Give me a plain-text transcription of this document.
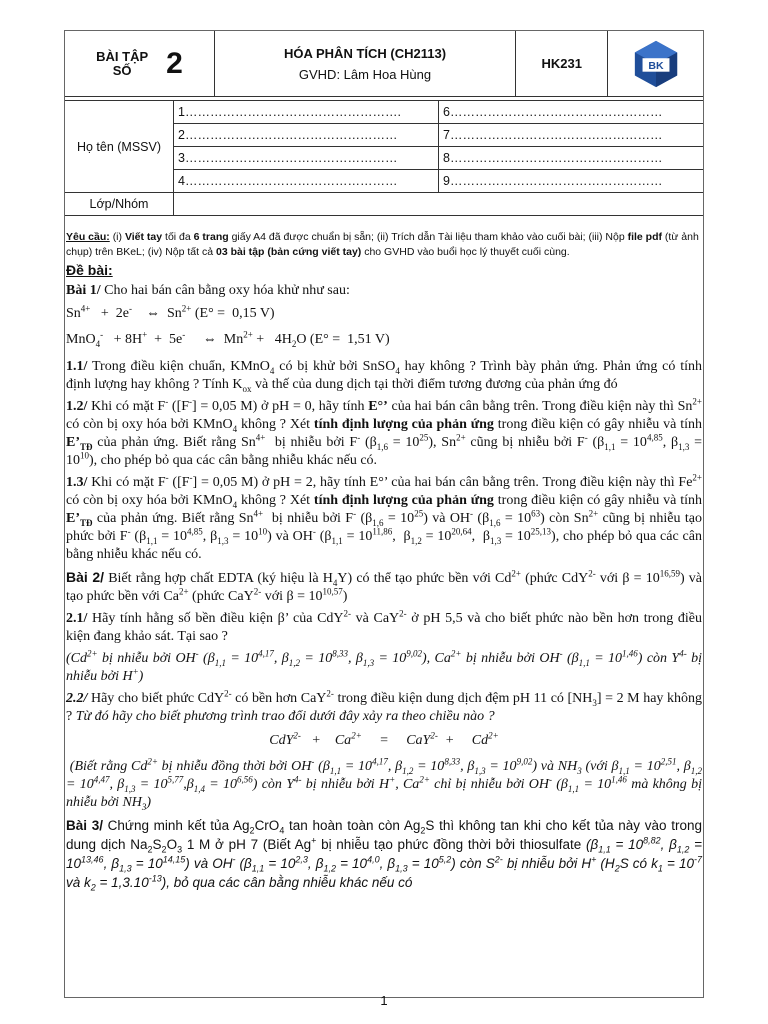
BÀI TẬP
SỐ	2	HÓA PHÂN TÍCH (CH2113)
GVHD: Lâm Hoa Hùng	HK231	BK
Họ tên (MSSV)	1…………………………………………….	6……………………………………………
	2……………………………………………	7……………………………………………
	3……………………………………………	8……………………………………………
	4……………………………………………	9……………………………………………
Lớp/Nhóm		
Yêu cầu: (i) Viết tay tối đa 6 trang giấy A4 đã được chuẩn bị sẵn; (ii) Trích dẫn Tài liệu tham khảo vào cuối bài; (iii) Nộp file pdf (từ ảnh chụp) trên BKeL; (iv) Nộp tất cả 03 bài tập (bản cứng viết tay) cho GVHD vào buổi học lý thuyết cuối cùng.
Đề bài:

Bài 1/ Cho hai bán cân bằng oxy hóa khử như sau:

$Sn^{4+} + 2e^-$    ⇔  $Sn^{2+}$ (E° =  0,15 V)
MnO$_4$-   + 8H+  +  5e-     ⇔  $Mn^{2+} + 4H_2O$ (E° =  1,51 V)

1.1/ Trong điều kiện chuẩn, KMnO$_4$ có bị khử bởi SnSO$_4$ hay không ? Trình bày phản ứng. Phản ứng có tính định lượng hay không ? Tính $K_{ox}$ và thế của dung dịch tại thời điểm tương đương của phản ứng đó

1.2/ Khi có mặt F- ([F-] = 0,05 M) ở pH = 0, hãy tính E°’ của hai bán cân bằng trên. Trong điều kiện này thì $Sn^{2+}$ có còn bị oxy hóa bởi KMnO$_4$ không ? Xét tính định lượng của phản ứng trong điều kiện có gây nhiễu và tính $E’_{TĐ}$ của phản ứng. Biết rằng $Sn^{4+}$  bị nhiễu bởi F- $(\beta_{1,6} = 10^{25})$, $Sn^{2+}$ cũng bị nhiễu bởi F- ($\beta_{1,1} = 10^{4,85}$, $\beta_{1,3} = 10^{10}$), cho phép bỏ qua các cân bằng nhiễu khác nếu có.

1.3/ Khi có mặt F- ([F-] = 0,05 M) ở pH = 2, hãy tính E°’ của hai bán cân bằng trên. Trong điều kiện này thì $Fe^{2+}$ có còn bị oxy hóa bởi KMnO$_4$ không ? Xét tính định lượng của phản ứng trong điều kiện có gây nhiễu và tính $E’_{TĐ}$ của phản ứng. Biết rằng $Sn^{4+}$  bị nhiễu bởi F- $(\beta_{1,6} = 10^{25})$ và OH- $(\beta_{1,6} = 10^{63})$ còn $Sn^{2+}$ cũng bị nhiễu tạo phức bởi F- ($\beta_{1,1} = 10^{4,85}$, $\beta_{1,3} = 10^{10}$) và OH- ($\beta_{1,1} = 10^{11,86}$,  $\beta_{1,2} = 10^{20,64}$,  $\beta_{1,3} = 10^{25,13}$), cho phép bỏ qua các cân bằng nhiễu khác nếu có.

Bài 2/ Biết rằng hợp chất EDTA (ký hiệu là $H_4Y$) có thể tạo phức bền với $Cd^{2+}$ (phức CdY$^{2-}$ với $\beta = 10^{16,59}$) và tạo phức bền với $Ca^{2+}$ (phức CaY$^{2-}$ với $\beta = 10^{10,57}$)

2.1/ Hãy tính hằng số bền điều kiện β’ của CdY$^{2-}$ và CaY$^{2-}$ ở pH 5,5 và cho biết phức nào bền hơn trong điều kiện đang khảo sát. Tại sao ?

($Cd^{2+}$ bị nhiễu bởi OH- ($\beta_{1,1} = 10^{4,17}$, $\beta_{1,2} = 10^{8,33}$, $\beta_{1,3} = 10^{9,02}$), $Ca^{2+}$ bị nhiễu bởi OH- $(\beta_{1,1} = 10^{1,46})$ còn $Y^{4-}$ bị nhiễu bởi H+)

2.2/ Hãy cho biết phức CdY$^{2-}$ có bền hơn CaY$^{2-}$ trong điều kiện dung dịch đệm pH 11 có $[NH_3] = 2$ M hay không ? Từ đó hãy cho biết phương trình trao đổi dưới đây xảy ra theo chiều nào ?

CdY$^{2-}$   +    $Ca^{2+}$     =     CaY$^{2-}$  +     $Cd^{2+}$

(Biết rằng $Cd^{2+}$ bị nhiễu đồng thời bởi OH- ($\beta_{1,1} = 10^{4,17}$, $\beta_{1,2} = 10^{8,33}$, $\beta_{1,3} = 10^{9,02}$) và $NH_3$ (với $\beta_{1,1} = 10^{2,51}$, $\beta_{1,2} = 10^{4,47}$, $\beta_{1,3} = 10^{5,77},\beta_{1,4} = 10^{6,56}$) còn $Y^{4-}$ bị nhiễu bởi H+, $Ca^{2+}$ chỉ bị nhiễu bởi OH- ($\beta_{1,1} = 10^{1,46}$ mà không bị nhiễu bởi $NH_3$)

Bài 3/ Chứng minh kết tủa $Ag_2CrO_4$ tan hoàn toàn còn $Ag_2S$ thì không tan khi cho kết tủa này vào trong dung dịch $Na_2S_2O_3$ 1 M ở pH 7 (Biết Ag+ bị nhiễu tạo phức đồng thời bởi thiosulfate ($\beta_{1,1} = 10^{8,82}$, $\beta_{1,2} = 10^{13,46}$, $\beta_{1,3} = 10^{14,15}$) và OH- ($\beta_{1,1} = 10^{2,3}$, $\beta_{1,2} = 10^{4,0}$, $\beta_{1,3} = 10^{5,2}$) còn $S^{2-}$ bị nhiễu bởi H+ ($H_2S$ có $k_1 = 10^{-7}$ và $k_2 = 1,3.10^{-13}$), bỏ qua các cân bằng nhiễu khác nếu có

1
